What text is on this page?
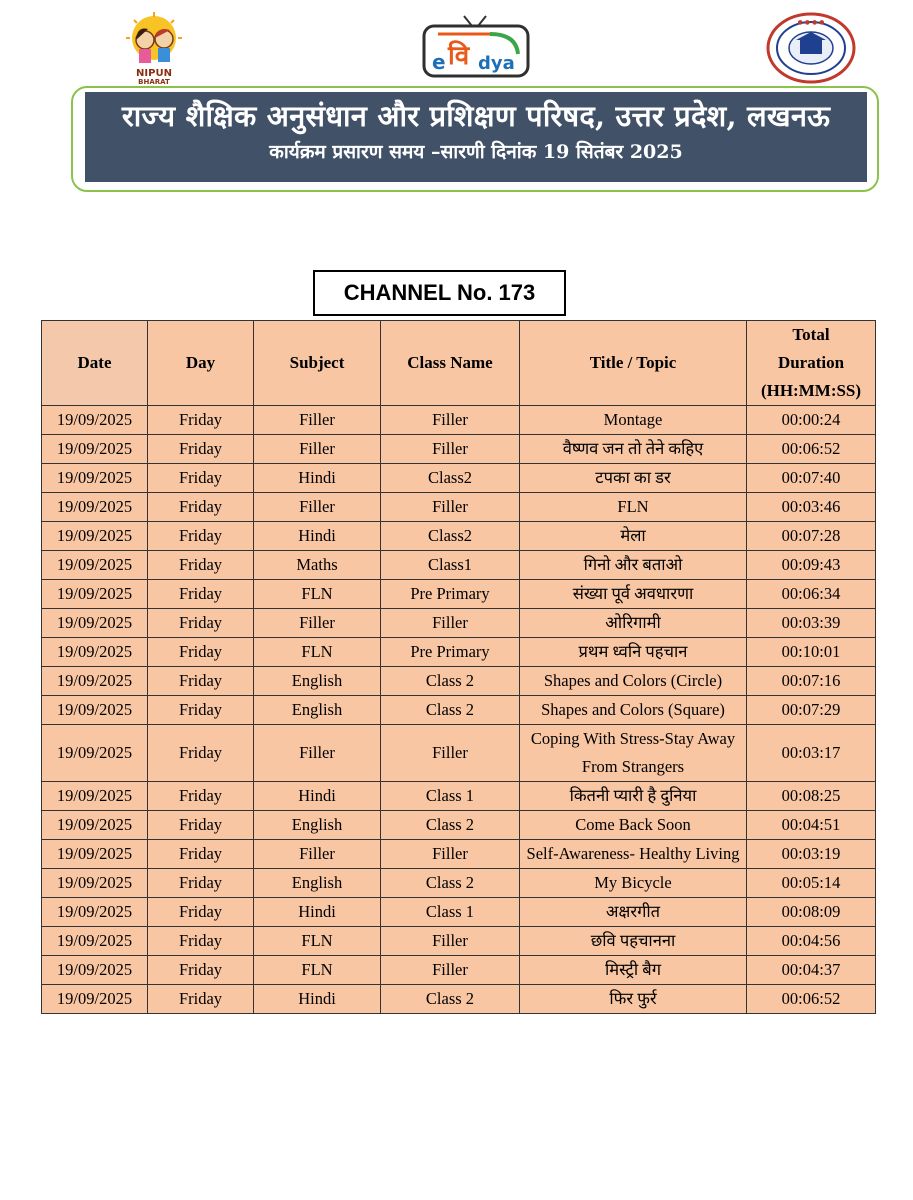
NIPUN
BHARAT
e वि dya
● ● ● ●
राज्य शैक्षिक अनुसंधान और प्रशिक्षण परिषद, उत्तर प्रदेश, लखनऊ
कार्यक्रम प्रसारण समय –सारणी दिनांक 19 सितंबर 2025
CHANNEL No. 173
Date	Day	Subject	Class Name	Title / Topic	Total
Duration
(HH:MM:SS)

19/09/2025	Friday	Filler	Filler	Montage	00:00:24
19/09/2025	Friday	Filler	Filler	वैष्णव जन तो तेने कहिए	00:06:52
19/09/2025	Friday	Hindi	Class2	टपका का डर	00:07:40
19/09/2025	Friday	Filler	Filler	FLN	00:03:46
19/09/2025	Friday	Hindi	Class2	मेला	00:07:28
19/09/2025	Friday	Maths	Class1	गिनो और बताओ	00:09:43
19/09/2025	Friday	FLN	Pre Primary	संख्या पूर्व अवधारणा	00:06:34
19/09/2025	Friday	Filler	Filler	ओरिगामी	00:03:39
19/09/2025	Friday	FLN	Pre Primary	प्रथम ध्वनि पहचान	00:10:01
19/09/2025	Friday	English	Class 2	Shapes and Colors (Circle)	00:07:16
19/09/2025	Friday	English	Class 2	Shapes and Colors (Square)	00:07:29
19/09/2025	Friday	Filler	Filler	Coping With Stress-Stay Away From Strangers	00:03:17
19/09/2025	Friday	Hindi	Class 1	कितनी प्यारी है दुनिया	00:08:25
19/09/2025	Friday	English	Class 2	Come Back Soon	00:04:51
19/09/2025	Friday	Filler	Filler	Self-Awareness- Healthy Living	00:03:19
19/09/2025	Friday	English	Class 2	My Bicycle	00:05:14
19/09/2025	Friday	Hindi	Class 1	अक्षरगीत	00:08:09
19/09/2025	Friday	FLN	Filler	छवि पहचानना	00:04:56
19/09/2025	Friday	FLN	Filler	मिस्ट्री बैग	00:04:37
19/09/2025	Friday	Hindi	Class 2	फिर फुर्र	00:06:52
